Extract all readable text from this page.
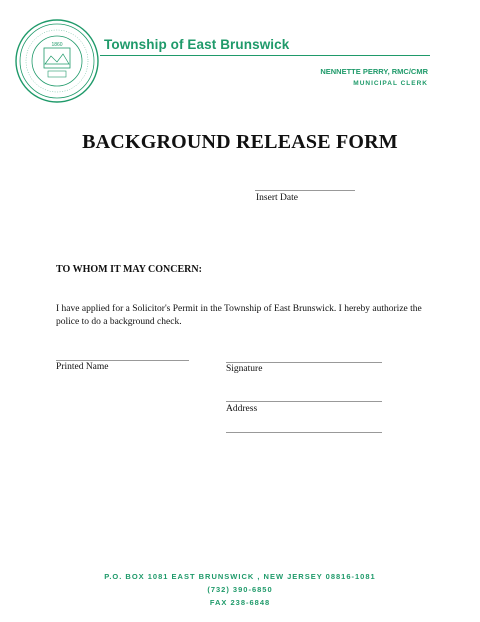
1860	Township of East Brunswick
NENNETTE PERRY, RMC/CMR
MUNICIPAL CLERK
BACKGROUND RELEASE FORM
Insert Date
TO WHOM IT MAY CONCERN:
I have applied for a Solicitor's Permit in the Township of East Brunswick. I hereby authorize the police to do a background check.
Printed Name	Signature
Address
P.O. BOX 1081 EAST BRUNSWICK , NEW JERSEY 08816-1081
(732) 390-6850
FAX 238-6848
